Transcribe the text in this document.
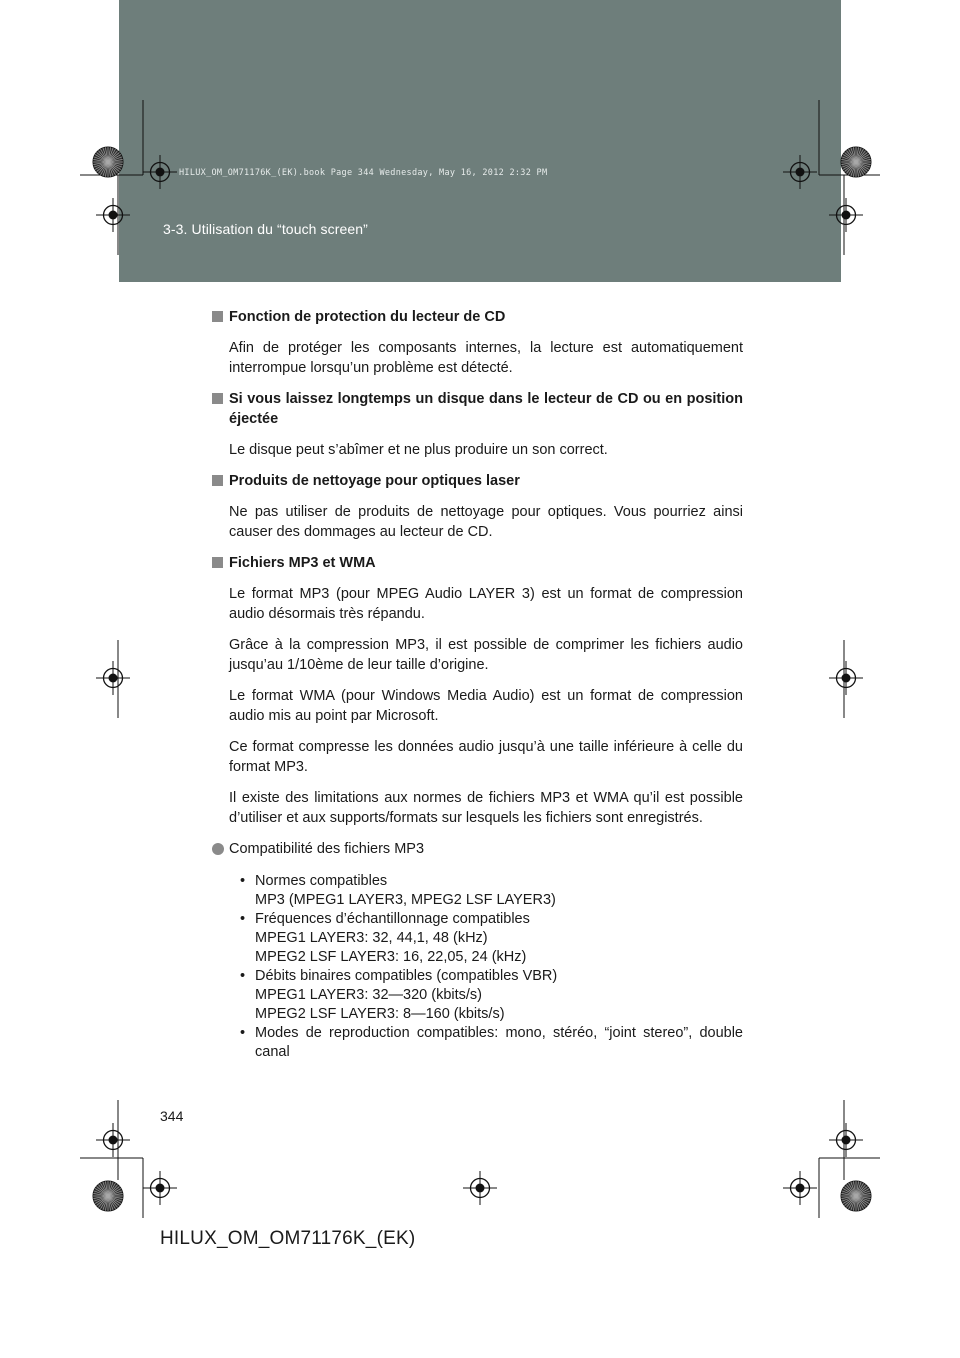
HILUX_OM_OM71176K_(EK).book Page 344 Wednesday, May 16, 2012 2:32 PM
3-3. Utilisation du “touch screen”
Fonction de protection du lecteur de CD

Afin de protéger les composants internes, la lecture est automatiquement interrompue lorsqu’un problème est détecté.

Si vous laissez longtemps un disque dans le lecteur de CD ou en position éjectée

Le disque peut s’abîmer et ne plus produire un son correct.

Produits de nettoyage pour optiques laser

Ne pas utiliser de produits de nettoyage pour optiques. Vous pourriez ainsi causer des dommages au lecteur de CD.

Fichiers MP3 et WMA

Le format MP3 (pour MPEG Audio LAYER 3) est un format de compression audio désormais très répandu.

Grâce à la compression MP3, il est possible de comprimer les fichiers audio jusqu’au 1/10ème de leur taille d’origine.

Le format WMA (pour Windows Media Audio) est un format de compression audio mis au point par Microsoft.

Ce format compresse les données audio jusqu’à une taille inférieure à celle du format MP3.

Il existe des limitations aux normes de fichiers MP3 et WMA qu’il est possible d’utiliser et aux supports/formats sur lesquels les fichiers sont enregistrés.

Compatibilité des fichiers MP3
• Normes compatibles
MP3 (MPEG1 LAYER3, MPEG2 LSF LAYER3)
• Fréquences d’échantillonnage compatibles
MPEG1 LAYER3: 32, 44,1, 48 (kHz)
MPEG2 LSF LAYER3: 16, 22,05, 24 (kHz)
• Débits binaires compatibles (compatibles VBR)
MPEG1 LAYER3: 32—320 (kbits/s)
MPEG2 LSF LAYER3: 8—160 (kbits/s)
• Modes de reproduction compatibles: mono, stéréo, “joint stereo”, double canal
344
HILUX_OM_OM71176K_(EK)
